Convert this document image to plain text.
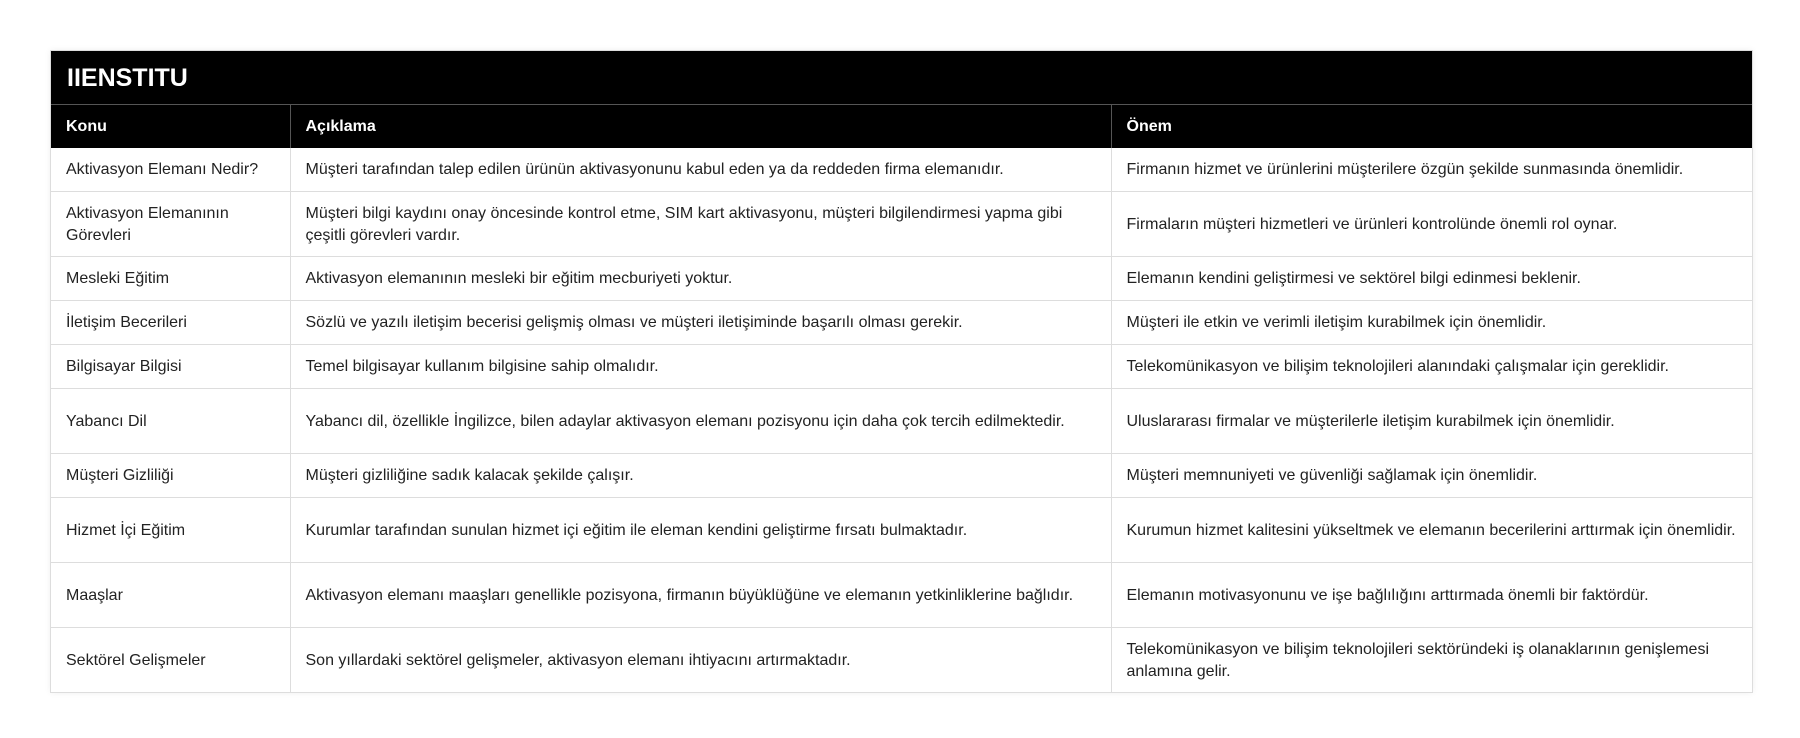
IIENSTITU
Konu	Açıklama	Önem
Aktivasyon Elemanı Nedir?	Müşteri tarafından talep edilen ürünün aktivasyonunu kabul eden ya da reddeden firma elemanıdır.	Firmanın hizmet ve ürünlerini müşterilere özgün şekilde sunmasında önemlidir.
Aktivasyon Elemanının Görevleri	Müşteri bilgi kaydını onay öncesinde kontrol etme, SIM kart aktivasyonu, müşteri bilgilendirmesi yapma gibi çeşitli görevleri vardır.	Firmaların müşteri hizmetleri ve ürünleri kontrolünde önemli rol oynar.
Mesleki Eğitim	Aktivasyon elemanının mesleki bir eğitim mecburiyeti yoktur.	Elemanın kendini geliştirmesi ve sektörel bilgi edinmesi beklenir.
İletişim Becerileri	Sözlü ve yazılı iletişim becerisi gelişmiş olması ve müşteri iletişiminde başarılı olması gerekir.	Müşteri ile etkin ve verimli iletişim kurabilmek için önemlidir.
Bilgisayar Bilgisi	Temel bilgisayar kullanım bilgisine sahip olmalıdır.	Telekomünikasyon ve bilişim teknolojileri alanındaki çalışmalar için gereklidir.
Yabancı Dil	Yabancı dil, özellikle İngilizce, bilen adaylar aktivasyon elemanı pozisyonu için daha çok tercih edilmektedir.	Uluslararası firmalar ve müşterilerle iletişim kurabilmek için önemlidir.
Müşteri Gizliliği	Müşteri gizliliğine sadık kalacak şekilde çalışır.	Müşteri memnuniyeti ve güvenliği sağlamak için önemlidir.
Hizmet İçi Eğitim	Kurumlar tarafından sunulan hizmet içi eğitim ile eleman kendini geliştirme fırsatı bulmaktadır.	Kurumun hizmet kalitesini yükseltmek ve elemanın becerilerini arttırmak için önemlidir.
Maaşlar	Aktivasyon elemanı maaşları genellikle pozisyona, firmanın büyüklüğüne ve elemanın yetkinliklerine bağlıdır.	Elemanın motivasyonunu ve işe bağlılığını arttırmada önemli bir faktördür.
Sektörel Gelişmeler	Son yıllardaki sektörel gelişmeler, aktivasyon elemanı ihtiyacını artırmaktadır.	Telekomünikasyon ve bilişim teknolojileri sektöründeki iş olanaklarının genişlemesi anlamına gelir.
